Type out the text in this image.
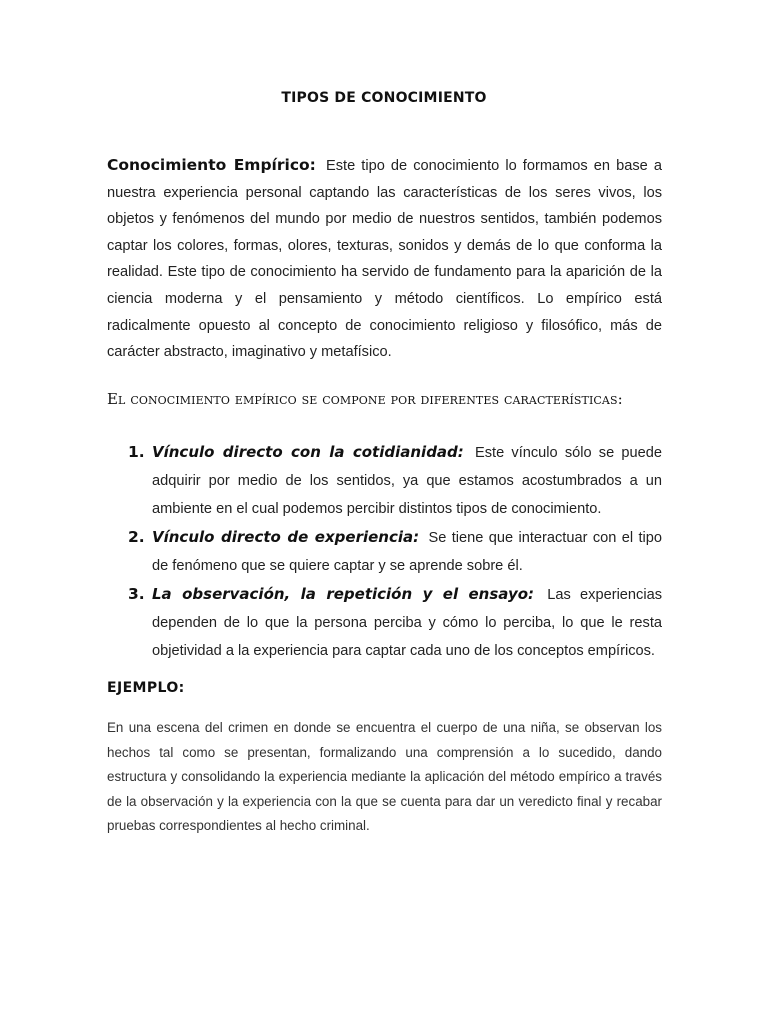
TIPOS DE CONOCIMIENTO
Conocimiento Empírico: Este tipo de conocimiento lo formamos en base a nuestra experiencia personal captando las características de los seres vivos, los objetos y fenómenos del mundo por medio de nuestros sentidos, también podemos captar los colores, formas, olores, texturas, sonidos y demás de lo que conforma la realidad. Este tipo de conocimiento ha servido de fundamento para la aparición de la ciencia moderna y el pensamiento y método científicos. Lo empírico está radicalmente opuesto al concepto de conocimiento religioso y filosófico, más de carácter abstracto, imaginativo y metafísico.
El conocimiento empírico se compone por diferentes características:
1. Vínculo directo con la cotidianidad: Este vínculo sólo se puede adquirir por medio de los sentidos, ya que estamos acostumbrados a un ambiente en el cual podemos percibir distintos tipos de conocimiento.
2. Vínculo directo de experiencia: Se tiene que interactuar con el tipo de fenómeno que se quiere captar y se aprende sobre él.
3. La observación, la repetición y el ensayo: Las experiencias dependen de lo que la persona perciba y cómo lo perciba, lo que le resta objetividad a la experiencia para captar cada uno de los conceptos empíricos.
EJEMPLO:
En una escena del crimen en donde se encuentra el cuerpo de una niña, se observan los hechos tal como se presentan, formalizando una comprensión a lo sucedido, dando estructura y consolidando la experiencia mediante la aplicación del método empírico a través de la observación y la experiencia con la que se cuenta para dar un veredicto final y recabar pruebas correspondientes al hecho criminal.
